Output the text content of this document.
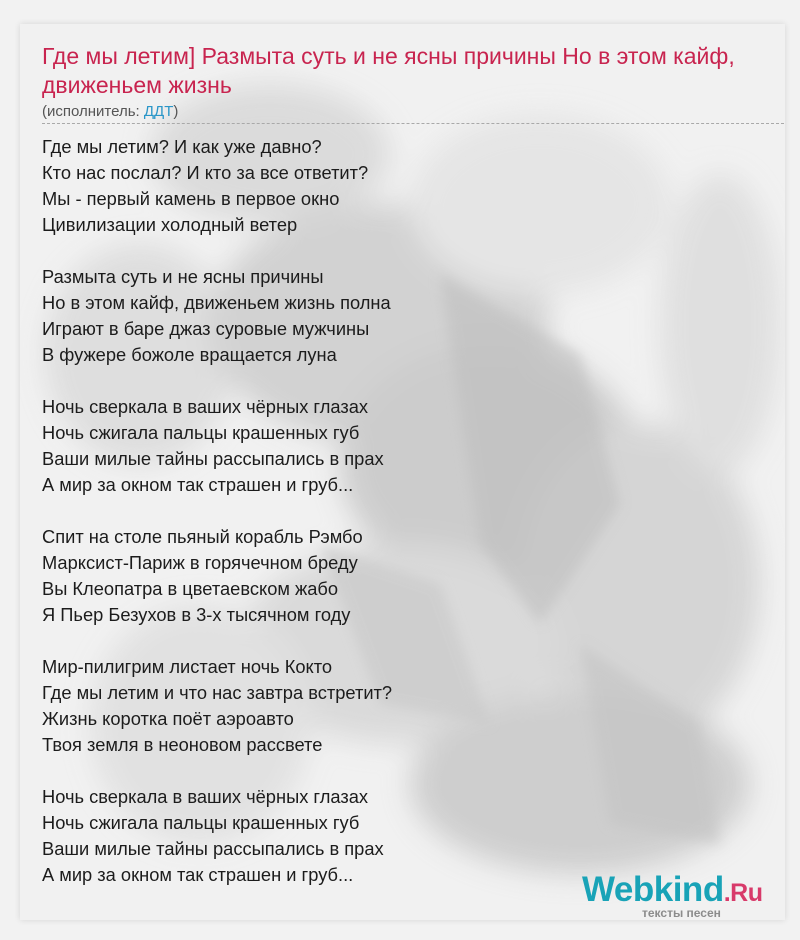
Где мы летим] Размыта суть и не ясны причины Но в этом кайф, движеньем жизнь
(исполнитель: ДДТ)
Где мы летим? И как уже давно?
Кто нас послал? И кто за все ответит?
Мы - первый камень в первое окно
Цивилизации холодный ветер
Размыта суть и не ясны причины
Но в этом кайф, движеньем жизнь полна
Играют в баре джаз суровые мужчины
В фужере божоле вращается луна
Ночь сверкала в ваших чёрных глазах
Ночь сжигала пальцы крашенных губ
Ваши милые тайны рассыпались в прах
А мир за окном так страшен и груб...
Спит на столе пьяный корабль Рэмбо
Марксист-Париж в горячечном бреду
Вы Клеопатра в цветаевском жабо
Я Пьер Безухов в 3-х тысячном году
Мир-пилигрим листает ночь Кокто
Где мы летим и что нас завтра встретит?
Жизнь коротка поёт аэроавто
Твоя земля в неоновом рассвете
Ночь сверкала в ваших чёрных глазах
Ночь сжигала пальцы крашенных губ
Ваши милые тайны рассыпались в прах
А мир за окном так страшен и груб...	Webkind.Ru
тексты песен
